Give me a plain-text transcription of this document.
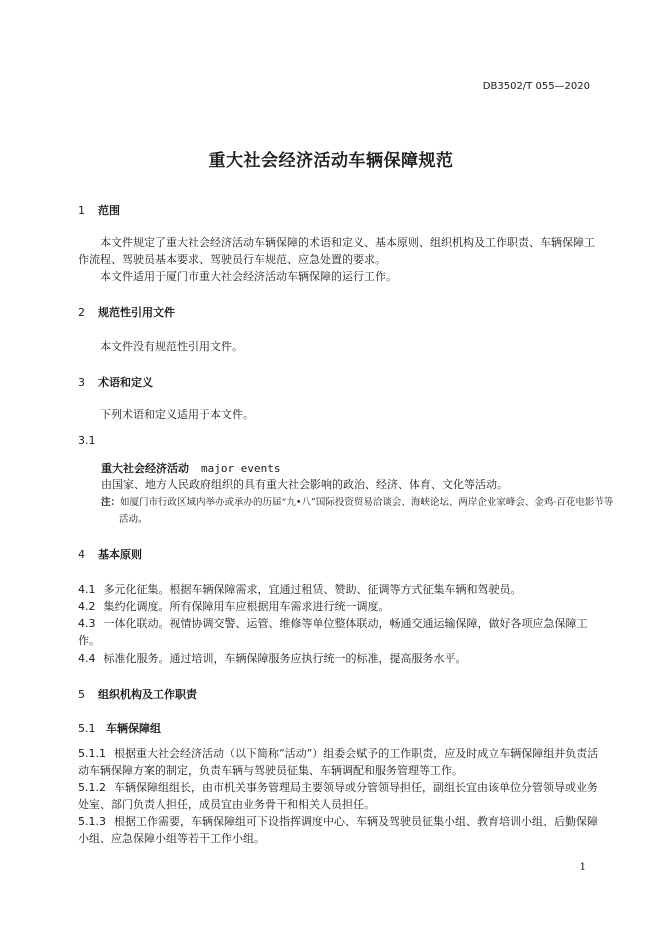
DB3502/T 055—2020
重大社会经济活动车辆保障规范
1 范围
本文件规定了重大社会经济活动车辆保障的术语和定义、基本原则、组织机构及工作职责、车辆保障工作流程、驾驶员基本要求、驾驶员行车规范、应急处置的要求。
本文件适用于厦门市重大社会经济活动车辆保障的运行工作。
2 规范性引用文件
本文件没有规范性引用文件。
3 术语和定义
下列术语和定义适用于本文件。
3.1
重大社会经济活动 major events
由国家、地方人民政府组织的具有重大社会影响的政治、经济、体育、文化等活动。
注：如厦门市行政区域内举办或承办的历届“九•八”国际投资贸易洽谈会、海峡论坛、两岸企业家峰会、金鸡·百花电影节等活动。
4 基本原则
4.1 多元化征集。根据车辆保障需求，宜通过租赁、赞助、征调等方式征集车辆和驾驶员。
4.2 集约化调度。所有保障用车应根据用车需求进行统一调度。
4.3 一体化联动。视情协调交警、运管、维修等单位整体联动，畅通交通运输保障，做好各项应急保障工作。
4.4 标准化服务。通过培训，车辆保障服务应执行统一的标准，提高服务水平。
5 组织机构及工作职责
5.1 车辆保障组
5.1.1 根据重大社会经济活动（以下简称“活动”）组委会赋予的工作职责，应及时成立车辆保障组并负责活动车辆保障方案的制定，负责车辆与驾驶员征集、车辆调配和服务管理等工作。
5.1.2 车辆保障组组长，由市机关事务管理局主要领导或分管领导担任，副组长宜由该单位分管领导或业务处室、部门负责人担任，成员宜由业务骨干和相关人员担任。
5.1.3 根据工作需要，车辆保障组可下设指挥调度中心、车辆及驾驶员征集小组、教育培训小组、后勤保障小组、应急保障小组等若干工作小组。
1
